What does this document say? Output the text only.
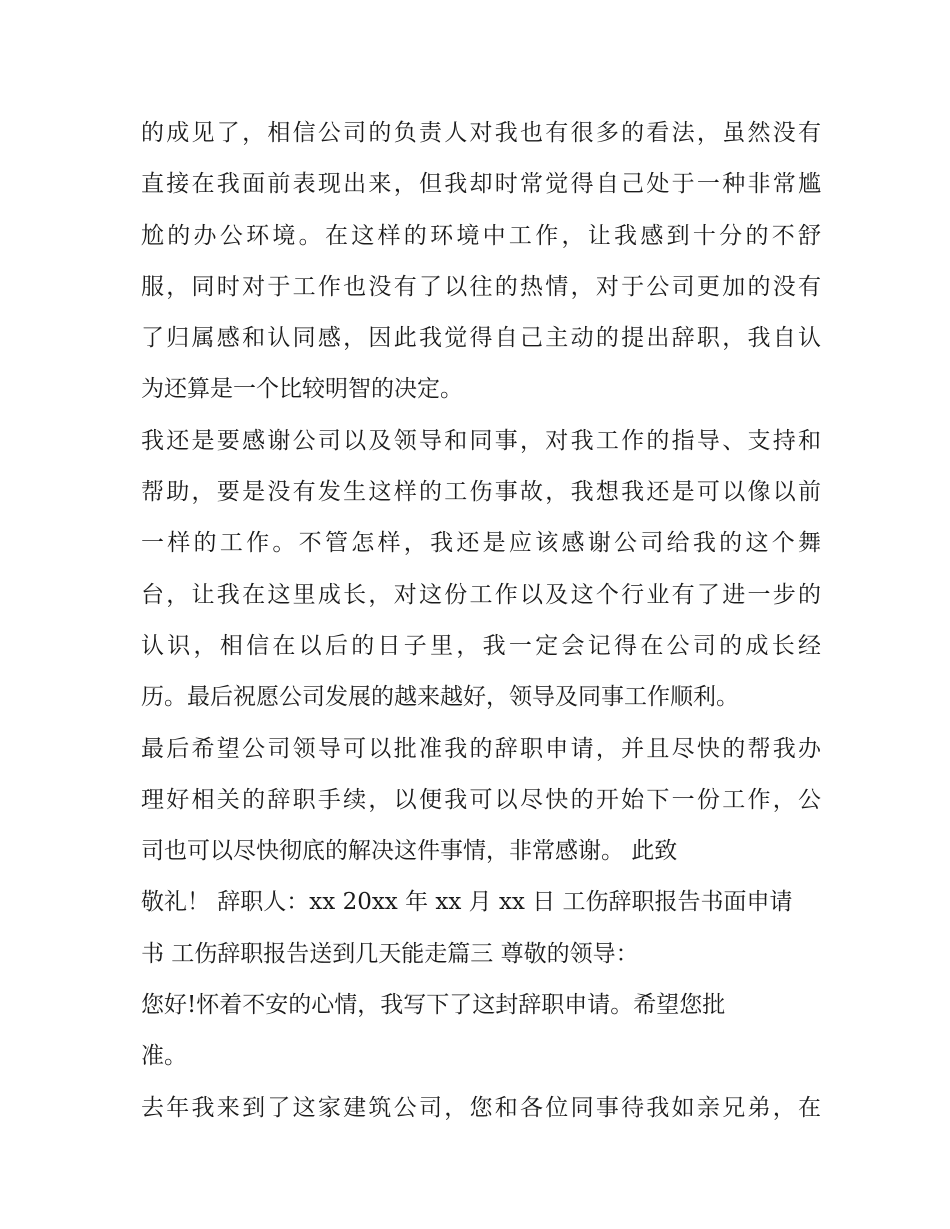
的成见了，相信公司的负责人对我也有很多的看法，虽然没有
直接在我面前表现出来，但我却时常觉得自己处于一种非常尴
尬的办公环境。在这样的环境中工作，让我感到十分的不舒
服，同时对于工作也没有了以往的热情，对于公司更加的没有
了归属感和认同感，因此我觉得自己主动的提出辞职，我自认
为还算是一个比较明智的决定。
我还是要感谢公司以及领导和同事，对我工作的指导、支持和
帮助，要是没有发生这样的工伤事故，我想我还是可以像以前
一样的工作。不管怎样，我还是应该感谢公司给我的这个舞
台，让我在这里成长，对这份工作以及这个行业有了进一步的
认识，相信在以后的日子里，我一定会记得在公司的成长经
历。最后祝愿公司发展的越来越好，领导及同事工作顺利。
最后希望公司领导可以批准我的辞职申请，并且尽快的帮我办
理好相关的辞职手续，以便我可以尽快的开始下一份工作，公
司也可以尽快彻底的解决这件事情，非常感谢。 此致
敬礼！ 辞职人：xx 20xx 年 xx 月 xx 日 工伤辞职报告书面申请
书 工伤辞职报告送到几天能走篇三 尊敬的领导：
您好!怀着不安的心情，我写下了这封辞职申请。希望您批
准。
去年我来到了这家建筑公司，您和各位同事待我如亲兄弟，在
